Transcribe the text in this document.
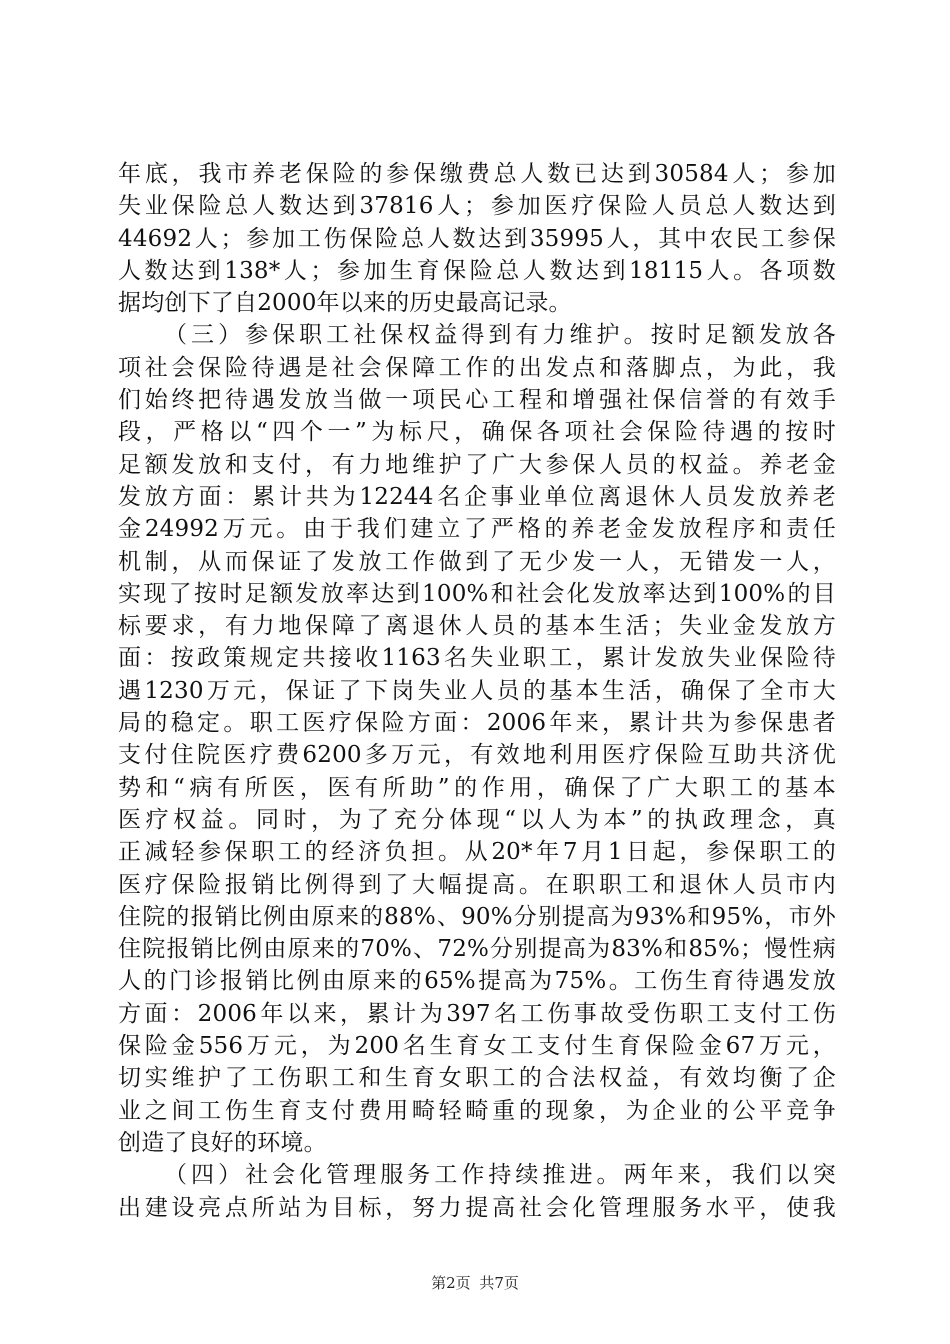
年底，我市养老保险的参保缴费总人数已达到30584人；参加
失业保险总人数达到37816人；参加医疗保险人员总人数达到
44692人；参加工伤保险总人数达到35995人，其中农民工参保
人数达到138*人；参加生育保险总人数达到18115人。各项数
据均创下了自2000年以来的历史最高记录。
（三）参保职工社保权益得到有力维护。按时足额发放各
项社会保险待遇是社会保障工作的出发点和落脚点，为此，我
们始终把待遇发放当做一项民心工程和增强社保信誉的有效手
段，严格以“四个一”为标尺，确保各项社会保险待遇的按时
足额发放和支付，有力地维护了广大参保人员的权益。养老金
发放方面：累计共为12244名企事业单位离退休人员发放养老
金24992万元。由于我们建立了严格的养老金发放程序和责任
机制，从而保证了发放工作做到了无少发一人，无错发一人，
实现了按时足额发放率达到100%和社会化发放率达到100%的目
标要求，有力地保障了离退休人员的基本生活；失业金发放方
面：按政策规定共接收1163名失业职工，累计发放失业保险待
遇1230万元，保证了下岗失业人员的基本生活，确保了全市大
局的稳定。职工医疗保险方面：2006年来，累计共为参保患者
支付住院医疗费6200多万元，有效地利用医疗保险互助共济优
势和“病有所医，医有所助”的作用，确保了广大职工的基本
医疗权益。同时，为了充分体现“以人为本”的执政理念，真
正减轻参保职工的经济负担。从20*年7月1日起，参保职工的
医疗保险报销比例得到了大幅提高。在职职工和退休人员市内
住院的报销比例由原来的88%、90%分别提高为93%和95%，市外
住院报销比例由原来的70%、72%分别提高为83%和85%；慢性病
人的门诊报销比例由原来的65%提高为75%。工伤生育待遇发放
方面：2006年以来，累计为397名工伤事故受伤职工支付工伤
保险金556万元，为200名生育女工支付生育保险金67万元，
切实维护了工伤职工和生育女职工的合法权益，有效均衡了企
业之间工伤生育支付费用畸轻畸重的现象，为企业的公平竞争
创造了良好的环境。
（四）社会化管理服务工作持续推进。两年来，我们以突
出建设亮点所站为目标，努力提高社会化管理服务水平，使我
第2页 共7页
